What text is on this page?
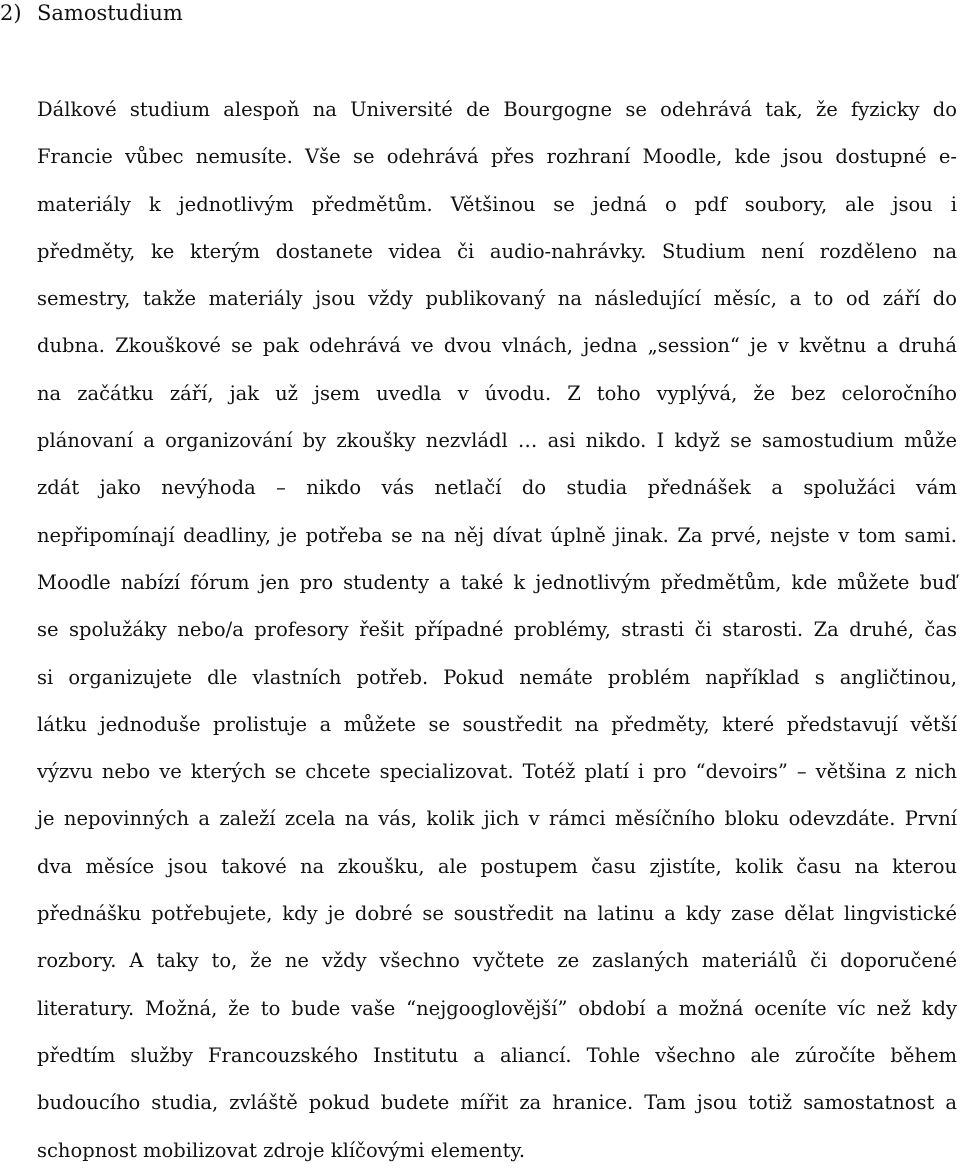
2) Samostudium
Dálkové studium alespoň na Université de Bourgogne se odehrává tak, že fyzicky do
Francie vůbec nemusíte. Vše se odehrává přes rozhraní Moodle, kde jsou dostupné e-
materiály k jednotlivým předmětům. Většinou se jedná o pdf soubory, ale jsou i
předměty, ke kterým dostanete videa či audio-nahrávky. Studium není rozděleno na
semestry, takže materiály jsou vždy publikovaný na následující měsíc, a to od září do
dubna. Zkouškové se pak odehrává ve dvou vlnách, jedna „session“ je v květnu a druhá
na začátku září, jak už jsem uvedla v úvodu. Z toho vyplývá, že bez celoročního
plánovaní a organizování by zkoušky nezvládl … asi nikdo. I když se samostudium může
zdát jako nevýhoda – nikdo vás netlačí do studia přednášek a spolužáci vám
nepřipomínají deadliny, je potřeba se na něj dívat úplně jinak. Za prvé, nejste v tom sami.
Moodle nabízí fórum jen pro studenty a také k jednotlivým předmětům, kde můžete buď
se spolužáky nebo/a profesory řešit případné problémy, strasti či starosti. Za druhé, čas
si organizujete dle vlastních potřeb. Pokud nemáte problém například s angličtinou,
látku jednoduše prolistuje a můžete se soustředit na předměty, které představují větší
výzvu nebo ve kterých se chcete specializovat. Totéž platí i pro “devoirs” – většina z nich
je nepovinných a zaleží zcela na vás, kolik jich v rámci měsíčního bloku odevzdáte. První
dva měsíce jsou takové na zkoušku, ale postupem času zjistíte, kolik času na kterou
přednášku potřebujete, kdy je dobré se soustředit na latinu a kdy zase dělat lingvistické
rozbory. A taky to, že ne vždy všechno vyčtete ze zaslaných materiálů či doporučené
literatury. Možná, že to bude vaše “nejgooglovější” období a možná oceníte víc než kdy
předtím služby Francouzského Institutu a aliancí. Tohle všechno ale zúročíte během
budoucího studia, zvláště pokud budete mířit za hranice. Tam jsou totiž samostatnost a
schopnost mobilizovat zdroje klíčovými elementy.
